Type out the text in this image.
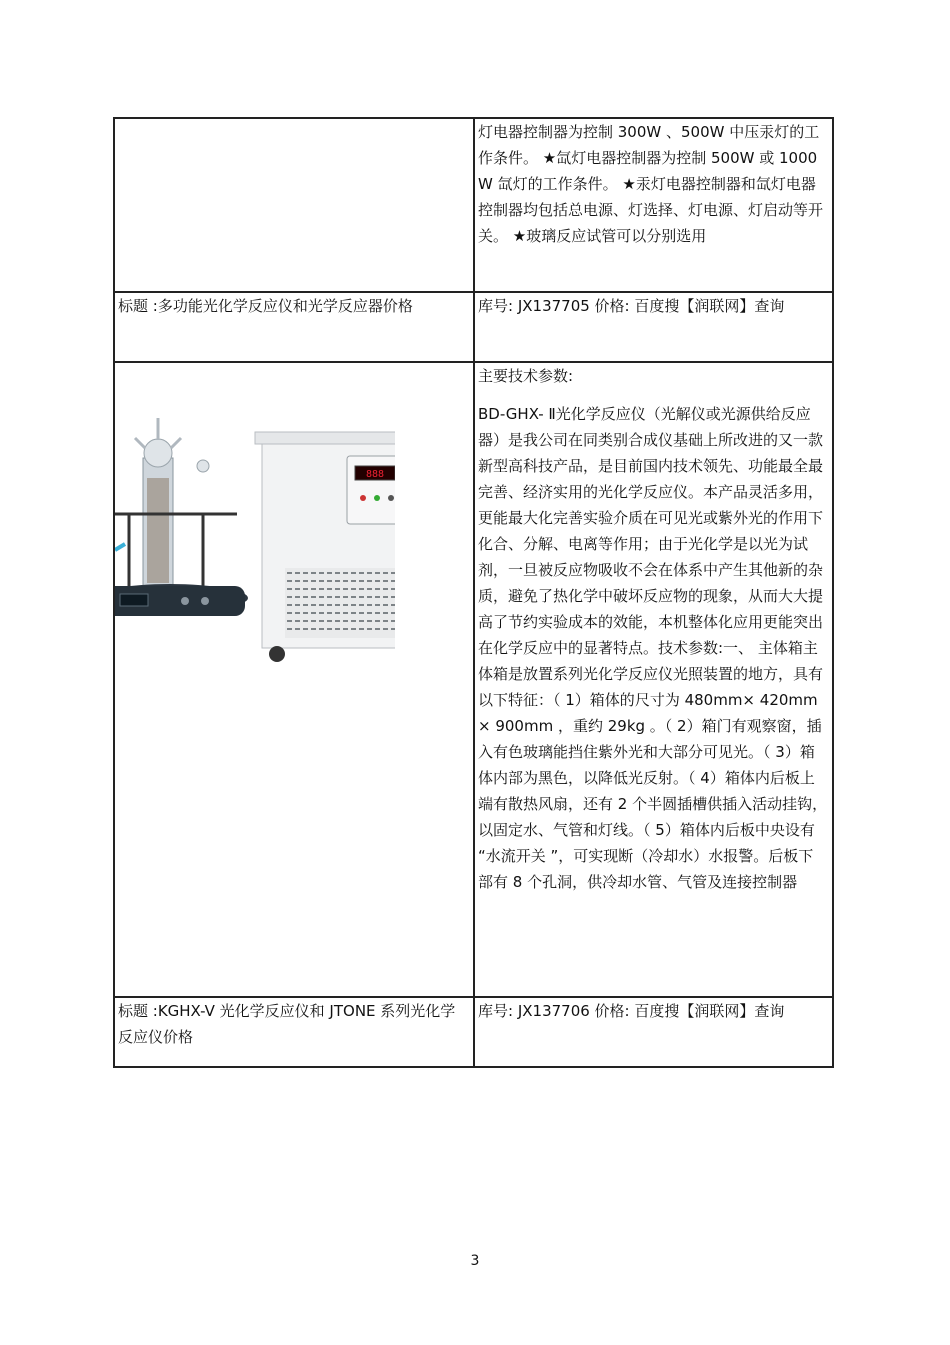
	灯电器控制器为控制 300W 、500W 中压汞灯的工作条件。 ★氙灯电器控制器为控制 500W 或 1000W 氙灯的工作条件。 ★汞灯电器控制器和氙灯电器控制器均包括总电源、灯选择、灯电源、灯启动等开关。 ★玻璃反应试管可以分别选用

标题 :多功能光化学反应仪和光学反应器价格	库号: JX137705 价格: 百度搜【润联网】查询

888	主要技术参数:
BD-GHX- Ⅱ光化学反应仪（光解仪或光源供给反应器）是我公司在同类别合成仪基础上所改进的又一款新型高科技产品，是目前国内技术领先、功能最全最完善、经济实用的光化学反应仪。本产品灵活多用，更能最大化完善实验介质在可见光或紫外光的作用下化合、分解、电离等作用；由于光化学是以光为试剂，一旦被反应物吸收不会在体系中产生其他新的杂质，避免了热化学中破坏反应物的现象，从而大大提高了节约实验成本的效能，本机整体化应用更能突出在化学反应中的显著特点。技术参数:一、 主体箱主体箱是放置系列光化学反应仪光照装置的地方，具有以下特征：（ 1）箱体的尺寸为 480mm× 420mm× 900mm ，重约 29kg 。（ 2）箱门有观察窗，插入有色玻璃能挡住紫外光和大部分可见光。（ 3）箱体内部为黑色，以降低光反射。（ 4）箱体内后板上端有散热风扇，还有 2 个半圆插槽供插入活动挂钩，以固定水、气管和灯线。（ 5）箱体内后板中央设有 “水流开关 ”，可实现断（冷却水）水报警。后板下部有 8 个孔洞，供冷却水管、气管及连接控制器

标题 :KGHX-V 光化学反应仪和 JTONE 系列光化学反应仪价格	库号: JX137706 价格: 百度搜【润联网】查询
3
